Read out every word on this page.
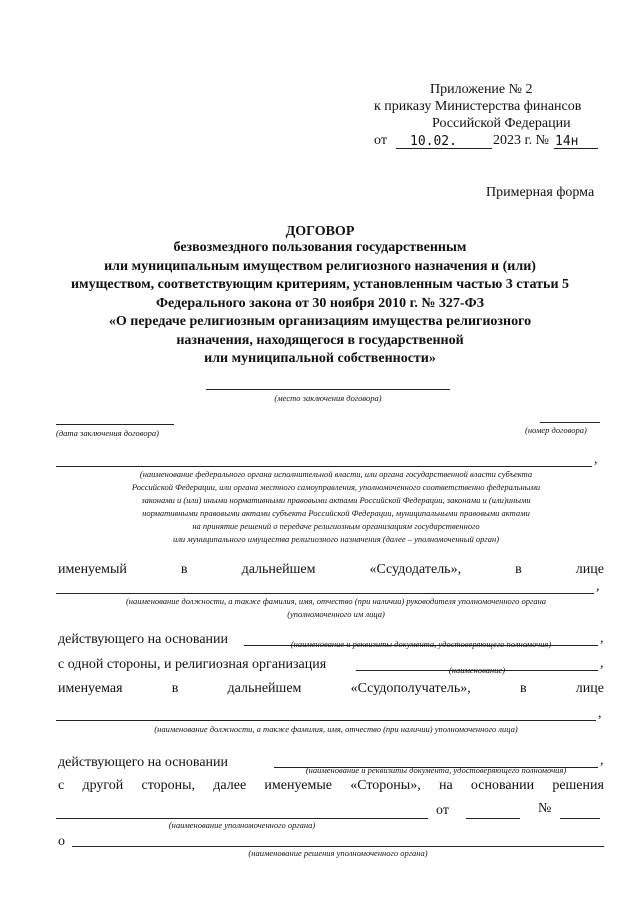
Приложение № 2
к приказу Министерства финансов
Российской Федерации
от 10.02.	2023 г. № 14н
Примерная форма
ДОГОВОР
безвозмездного пользования государственным
или муниципальным имуществом религиозного назначения и (или)
имуществом, соответствующим критериям, установленным частью 3 статьи 5
Федерального закона от 30 ноября 2010 г. № 327-ФЗ
«О передаче религиозным организациям имущества религиозного
назначения, находящегося в государственной
или муниципальной собственности»
(место заключения договора)
(дата заключения договора)	(номер договора)
,
(наименование федерального органа исполнительной власти, или органа государственной власти субъекта
Российской Федерации, или органа местного самоуправления, уполномоченного соответственно федеральными
законами и (или) иными нормативными правовыми актами Российской Федерации, законами и (или)иными
нормативными правовыми актами субъекта Российской Федерации, муниципальными правовыми актами
на принятие решений о передаче религиозным организациям государственного
или муниципального имущества религиозного назначения (далее – уполномоченный орган)
именуемый	в	дальнейшем	«Ссудодатель»,	в	лице
,
(наименование должности, а также фамилия, имя, отчество (при наличии) руководителя уполномоченного органа
(уполномоченного им лица)
действующего на основании	,
(наименование и реквизиты документа, удостоверяющего полномочия)
с одной стороны, и религиозная организация	,
(наименование)
именуемая	в	дальнейшем	«Ссудополучатель»,	в	лице
,
(наименование должности, а также фамилия, имя, отчество (при наличии) уполномоченного лица)
действующего на основании	,
(наименование и реквизиты документа, удостоверяющего полномочия)
с другой стороны, далее именуемые «Стороны», на основании решения
(наименование уполномоченного органа)
от	№
о
(наименование решения уполномоченного органа)
